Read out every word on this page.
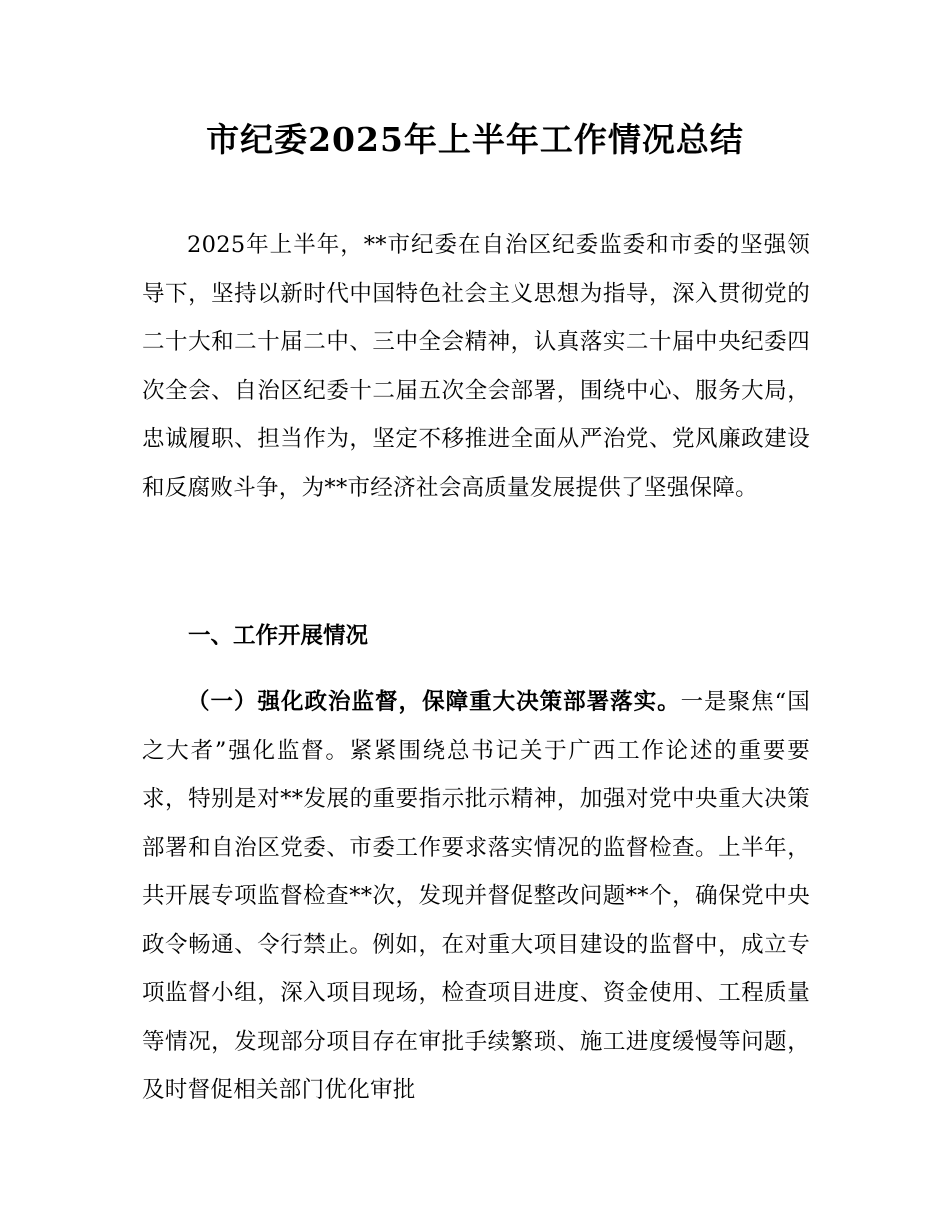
市纪委2025年上半年工作情况总结

2025年上半年，**市纪委在自治区纪委监委和市委的坚强领导下，坚持以新时代中国特色社会主义思想为指导，深入贯彻党的二十大和二十届二中、三中全会精神，认真落实二十届中央纪委四次全会、自治区纪委十二届五次全会部署，围绕中心、服务大局，忠诚履职、担当作为，坚定不移推进全面从严治党、党风廉政建设和反腐败斗争，为**市经济社会高质量发展提供了坚强保障。

一、工作开展情况

（一）强化政治监督，保障重大决策部署落实。一是聚焦“国之大者”强化监督。紧紧围绕总书记关于广西工作论述的重要要求，特别是对**发展的重要指示批示精神，加强对党中央重大决策部署和自治区党委、市委工作要求落实情况的监督检查。上半年，共开展专项监督检查**次，发现并督促整改问题**个，确保党中央政令畅通、令行禁止。例如，在对重大项目建设的监督中，成立专项监督小组，深入项目现场，检查项目进度、资金使用、工程质量等情况，发现部分项目存在审批手续繁琐、施工进度缓慢等问题，及时督促相关部门优化审批
